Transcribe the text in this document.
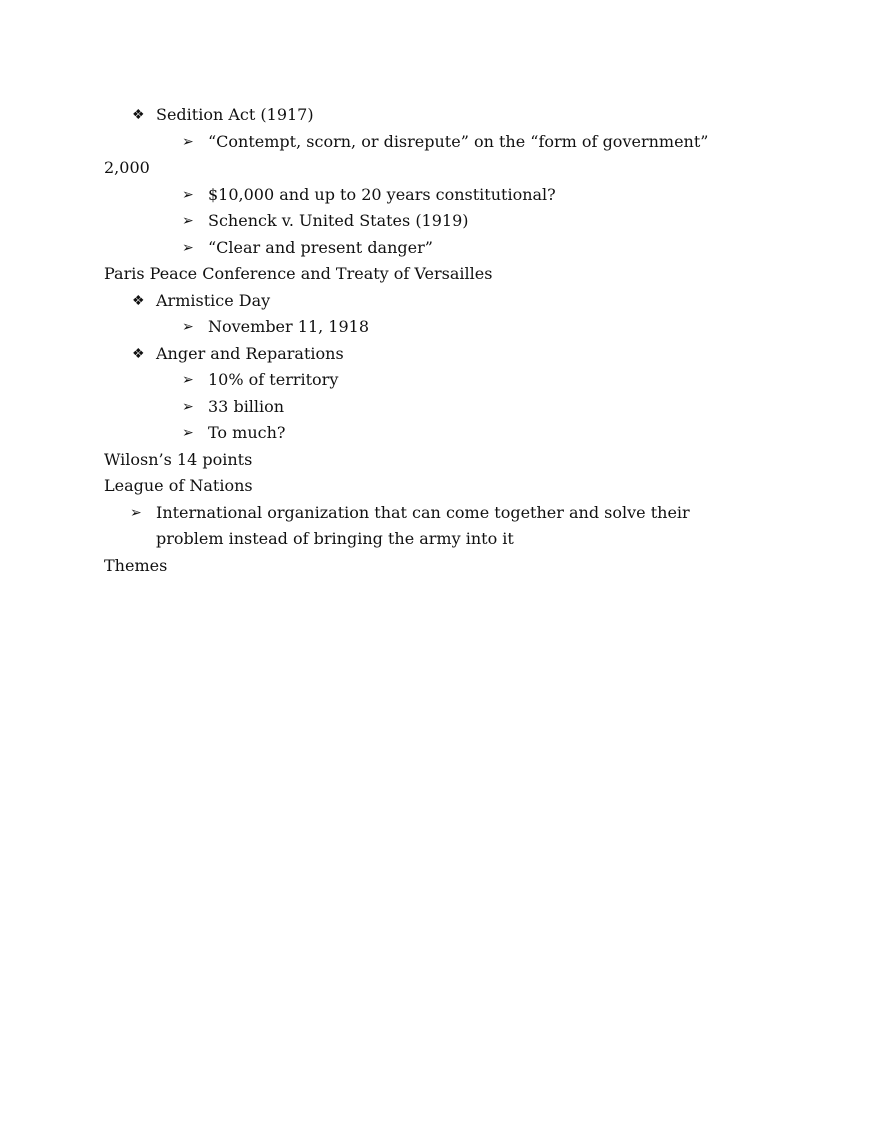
❖ Sedition Act (1917)
➢ “Contempt, scorn, or disrepute” on the “form of government”
2,000
➢ $10,000 and up to 20 years constitutional?
➢ Schenck v. United States (1919)
➢ “Clear and present danger”
Paris Peace Conference and Treaty of Versailles
❖ Armistice Day
➢ November 11, 1918
❖ Anger and Reparations
➢ 10% of territory
➢ 33 billion
➢ To much?
Wilosn’s 14 points
League of Nations
➢ International organization that can come together and solve their problem instead of bringing the army into it
Themes
